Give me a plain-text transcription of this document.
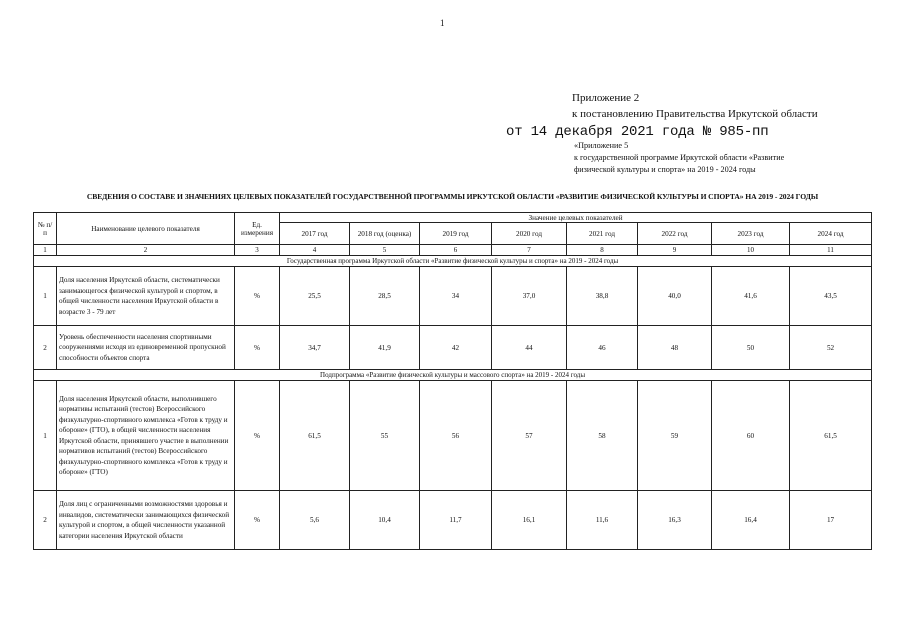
1
Приложение 2
к постановлению Правительства Иркутской области
от 14 декабря 2021 года № 985-пп
«Приложение 5
к государственной программе Иркутской области «Развитие
физической культуры и спорта» на 2019 - 2024 годы
СВЕДЕНИЯ О СОСТАВЕ И ЗНАЧЕНИЯХ ЦЕЛЕВЫХ ПОКАЗАТЕЛЕЙ ГОСУДАРСТВЕННОЙ ПРОГРАММЫ ИРКУТСКОЙ ОБЛАСТИ «РАЗВИТИЕ ФИЗИЧЕСКОЙ КУЛЬТУРЫ И СПОРТА» НА 2019 - 2024 ГОДЫ
№ п/п	Наименование целевого показателя	Ед. измерения	Значение целевых показателей							
			2017 год	2018 год (оценка)	2019 год	2020 год	2021 год	2022 год	2023 год	2024 год
1	2	3	4	5	6	7	8	9	10	11
Государственная программа Иркутской области «Развитие физической культуры и спорта» на 2019 - 2024 годы										
1	Доля населения Иркутской области, систематически занимающегося физической культурой и спортом, в общей численности населения Иркутской области в возрасте 3 - 79 лет	%	25,5	28,5	34	37,0	38,8	40,0	41,6	43,5
2	Уровень обеспеченности населения спортивными сооружениями исходя из единовременной пропускной способности объектов спорта	%	34,7	41,9	42	44	46	48	50	52
Подпрограмма «Развитие физической культуры и массового спорта» на 2019 - 2024 годы										
1	Доля населения Иркутской области, выполнившего нормативы испытаний (тестов) Всероссийского физкультурно-спортивного комплекса «Готов к труду и обороне» (ГТО), в общей численности населения Иркутской области, принявшего участие в выполнении нормативов испытаний (тестов) Всероссийского физкультурно-спортивного комплекса «Готов к труду и обороне» (ГТО)	%	61,5	55	56	57	58	59	60	61,5
2	Доля лиц с ограниченными возможностями здоровья и инвалидов, систематически занимающихся физической культурой и спортом, в общей численности указанной категории населения Иркутской области	%	5,6	10,4	11,7	16,1	11,6	16,3	16,4	17
